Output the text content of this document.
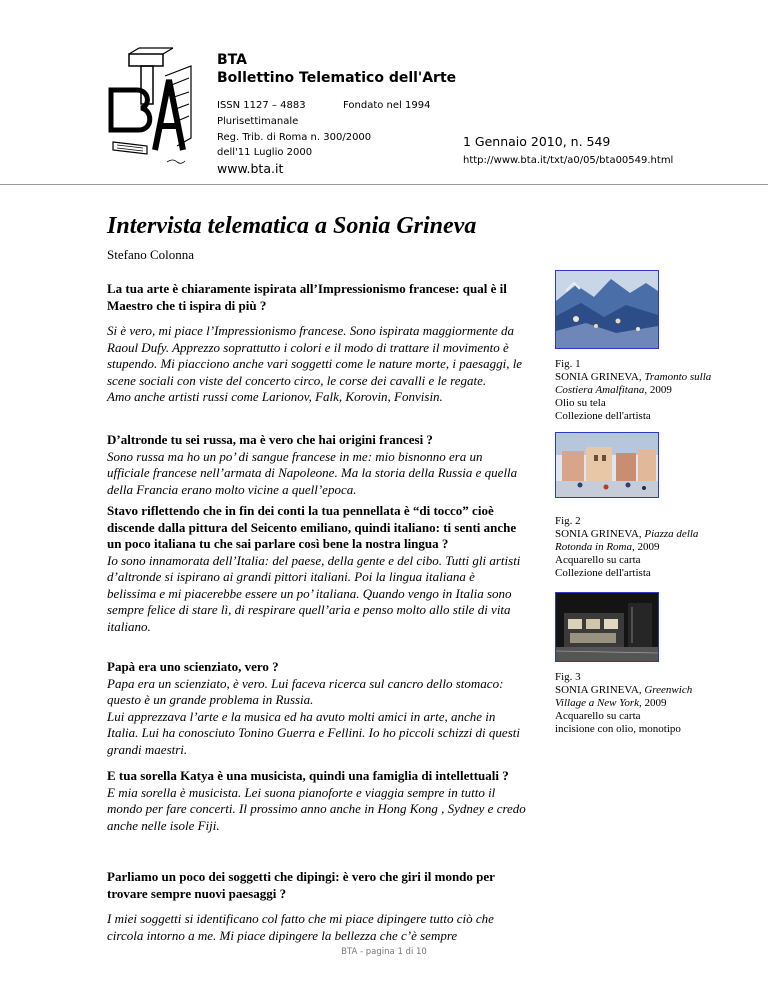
BTA
Bollettino Telematico dell'Arte
ISSN 1127 – 4883	Fondato nel 1994
Plurisettimanale
Reg. Trib. di Roma n. 300/2000
dell'11 Luglio 2000
www.bta.it
1 Gennaio 2010, n. 549
http://www.bta.it/txt/a0/05/bta00549.html
Intervista telematica a Sonia Grineva
Stefano Colonna

La tua arte è chiaramente ispirata all’Impressionismo francese: qual è il Maestro che ti ispira di più ?

Si è vero, mi piace l’Impressionismo francese. Sono ispirata maggiormente da Raoul Dufy. Apprezzo soprattutto i colori e il modo di trattare il movimento è stupendo. Mi piacciono anche vari soggetti come le nature morte, i paesaggi, le scene sociali con viste del concerto circo, le corse dei cavalli e le regate.

Amo anche artisti russi come Larionov, Falk, Korovin, Fonvisin.

D’altronde tu sei russa, ma è vero che hai origini francesi ?

Sono russa ma ho un po’ di sangue francese in me: mio bisnonno era un ufficiale francese nell’armata di Napoleone. Ma la storia della Russia e quella della Francia erano molto vicine a quell’epoca.

Stavo riflettendo che in fin dei conti la tua pennellata è “di tocco” cioè discende dalla pittura del Seicento emiliano, quindi italiano: ti senti anche un poco italiana tu che sai parlare così bene la nostra lingua ?

Io sono innamorata dell’Italia: del paese, della gente e del cibo. Tutti gli artisti d’altronde si ispirano ai grandi pittori italiani. Poi la lingua italiana è belissima e mi piacerebbe essere un po’ italiana. Quando vengo in Italia sono sempre felice di stare lì, di respirare quell’aria e penso molto allo stile di vita italiano.

Papà era uno scienziato, vero ?

Papa era un scienziato, è vero. Lui faceva ricerca sul cancro dello stomaco: questo è un grande problema in Russia.

Lui apprezzava l’arte e la musica ed ha avuto molti amici in arte, anche in Italia. Lui ha conosciuto Tonino Guerra e Fellini. Io ho piccoli schizzi di questi grandi maestri.

E tua sorella Katya è una musicista, quindi una famiglia di intellettuali ?

E mia sorella è musicista. Lei suona pianoforte e viaggia sempre in tutto il mondo per fare concerti. Il prossimo anno anche in Hong Kong , Sydney e credo anche nelle isole Fiji.

Parliamo un poco dei soggetti che dipingi: è vero che giri il mondo per trovare sempre nuovi paesaggi ?

I miei soggetti si identificano col fatto che mi piace dipingere tutto ciò che circola intorno a me. Mi piace dipingere la bellezza che c’è sempre

Fig. 1

SONIA GRINEVA, Tramonto sulla Costiera Amalfitana, 2009

Olio su tela

Collezione dell'artista

Fig. 2

SONIA GRINEVA, Piazza della Rotonda in Roma, 2009

Acquarello su carta

Collezione dell'artista

Fig. 3

SONIA GRINEVA, Greenwich Village a New York, 2009

Acquarello su carta

incisione con olio, monotipo

BTA - pagina 1 di 10
